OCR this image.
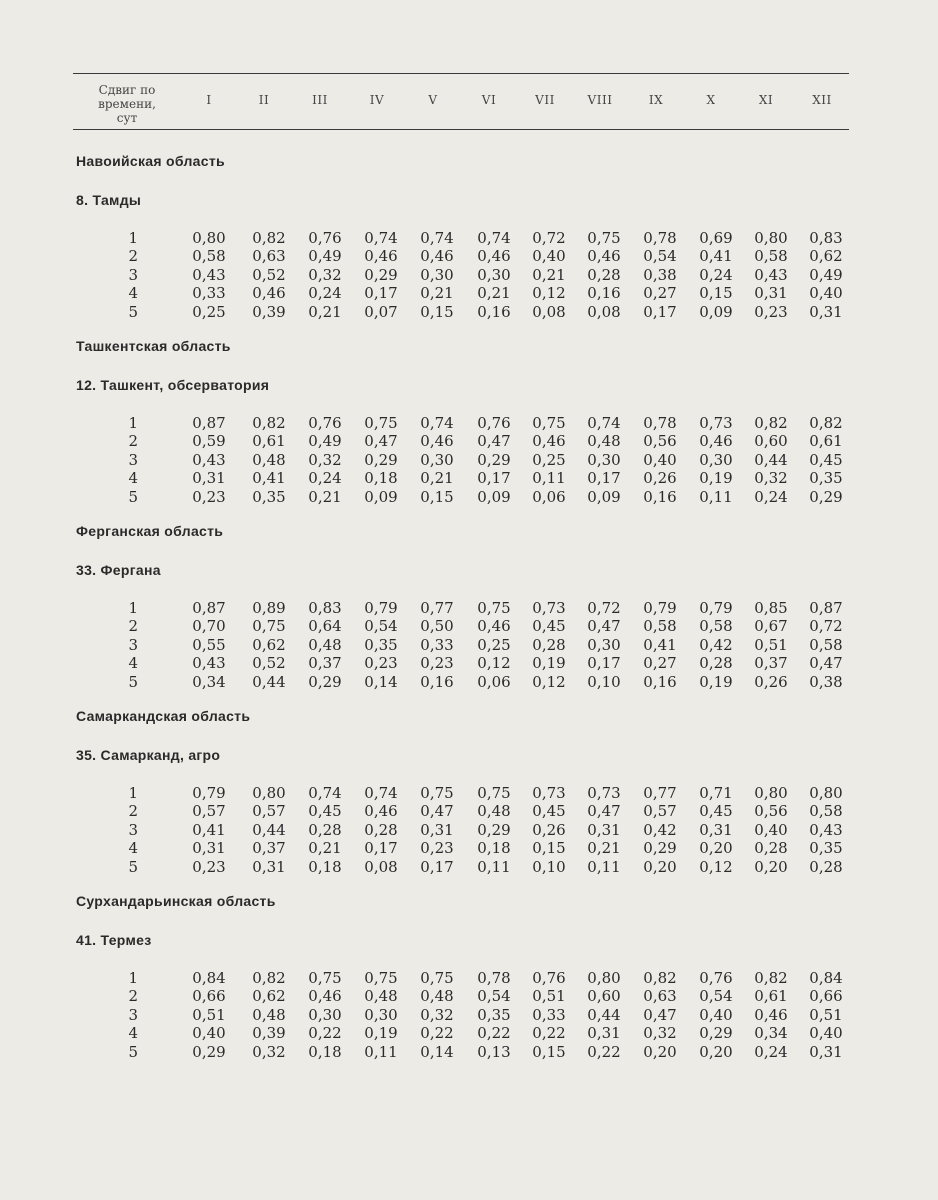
Сдвиг по
времени,
сут
I	II	III	IV	V	VI	VII	VIII	IX	X	XI	XII
Навоийская область
8. Тамды
1	0,80	0,82	0,76	0,74	0,74	0,74	0,72	0,75	0,78	0,69	0,80	0,83
2	0,58	0,63	0,49	0,46	0,46	0,46	0,40	0,46	0,54	0,41	0,58	0,62
3	0,43	0,52	0,32	0,29	0,30	0,30	0,21	0,28	0,38	0,24	0,43	0,49
4	0,33	0,46	0,24	0,17	0,21	0,21	0,12	0,16	0,27	0,15	0,31	0,40
5	0,25	0,39	0,21	0,07	0,15	0,16	0,08	0,08	0,17	0,09	0,23	0,31
Ташкентская область
12. Ташкент, обсерватория
1	0,87	0,82	0,76	0,75	0,74	0,76	0,75	0,74	0,78	0,73	0,82	0,82
2	0,59	0,61	0,49	0,47	0,46	0,47	0,46	0,48	0,56	0,46	0,60	0,61
3	0,43	0,48	0,32	0,29	0,30	0,29	0,25	0,30	0,40	0,30	0,44	0,45
4	0,31	0,41	0,24	0,18	0,21	0,17	0,11	0,17	0,26	0,19	0,32	0,35
5	0,23	0,35	0,21	0,09	0,15	0,09	0,06	0,09	0,16	0,11	0,24	0,29
Ферганская область
33. Фергана
1	0,87	0,89	0,83	0,79	0,77	0,75	0,73	0,72	0,79	0,79	0,85	0,87
2	0,70	0,75	0,64	0,54	0,50	0,46	0,45	0,47	0,58	0,58	0,67	0,72
3	0,55	0,62	0,48	0,35	0,33	0,25	0,28	0,30	0,41	0,42	0,51	0,58
4	0,43	0,52	0,37	0,23	0,23	0,12	0,19	0,17	0,27	0,28	0,37	0,47
5	0,34	0,44	0,29	0,14	0,16	0,06	0,12	0,10	0,16	0,19	0,26	0,38
Самаркандская область
35. Самарканд, агро
1	0,79	0,80	0,74	0,74	0,75	0,75	0,73	0,73	0,77	0,71	0,80	0,80
2	0,57	0,57	0,45	0,46	0,47	0,48	0,45	0,47	0,57	0,45	0,56	0,58
3	0,41	0,44	0,28	0,28	0,31	0,29	0,26	0,31	0,42	0,31	0,40	0,43
4	0,31	0,37	0,21	0,17	0,23	0,18	0,15	0,21	0,29	0,20	0,28	0,35
5	0,23	0,31	0,18	0,08	0,17	0,11	0,10	0,11	0,20	0,12	0,20	0,28
Сурхандарьинская область
41. Термез
1	0,84	0,82	0,75	0,75	0,75	0,78	0,76	0,80	0,82	0,76	0,82	0,84
2	0,66	0,62	0,46	0,48	0,48	0,54	0,51	0,60	0,63	0,54	0,61	0,66
3	0,51	0,48	0,30	0,30	0,32	0,35	0,33	0,44	0,47	0,40	0,46	0,51
4	0,40	0,39	0,22	0,19	0,22	0,22	0,22	0,31	0,32	0,29	0,34	0,40
5	0,29	0,32	0,18	0,11	0,14	0,13	0,15	0,22	0,20	0,20	0,24	0,31
